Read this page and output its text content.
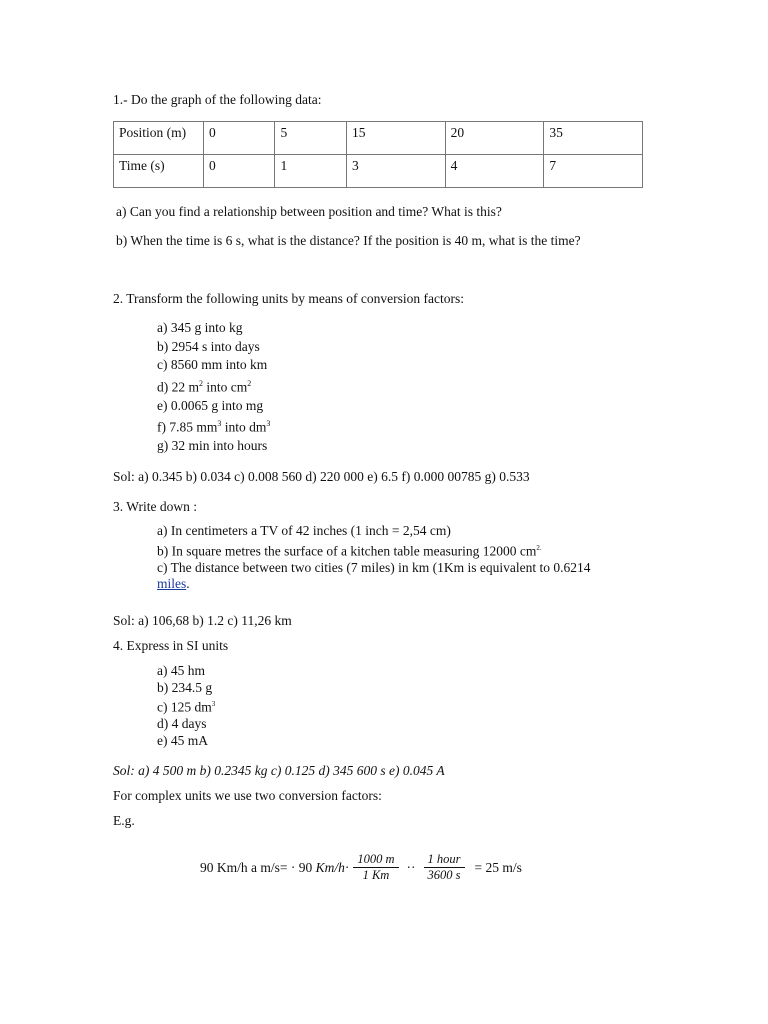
1.- Do the graph of the following data:
Position (m)	0	5	15	20	35
Time (s)	0	1	3	4	7
a) Can you find a relationship between position and time? What is this?
b) When the time is 6 s, what is the distance? If the position is 40 m, what is the time?
2. Transform the following units by means of conversion factors:
a) 345 g into kg
b) 2954 s into days
c) 8560 mm into km
d) 22 $m^2$ into $cm^2$
e) 0.0065 g into mg
f) 7.85 $mm^3$ into $dm^3$
g) 32 min into hours
Sol: a) 0.345 b) 0.034 c) 0.008 560 d) 220 000 e) 6.5 f) 0.000 00785 g) 0.533
3. Write down :
a) In centimeters a TV of 42 inches (1 inch = 2,54 cm)
b) In square metres the surface of a kitchen table measuring 12000 $cm^{2.}$
c) The distance between two cities (7 miles) in km (1Km is equivalent to 0.6214
miles.
Sol: a) 106,68 b) 1.2 c) 11,26 km
4. Express in SI units
a) 45 hm
b) 234.5 g
c) 125 $dm^3$
d) 4 days
e) 45 mA
Sol: a) 4 500 m b) 0.2345 kg c) 0.125 d) 345 600 s e) 0.045 A
For complex units we use two conversion factors:
E.g.
90 Km/h a m/s= · 90 $Km/h \cdot \frac{1000 m}{1 Km} \cdot\cdot \frac{\text{1 hour}}{3600 s} = 25$ m/s
